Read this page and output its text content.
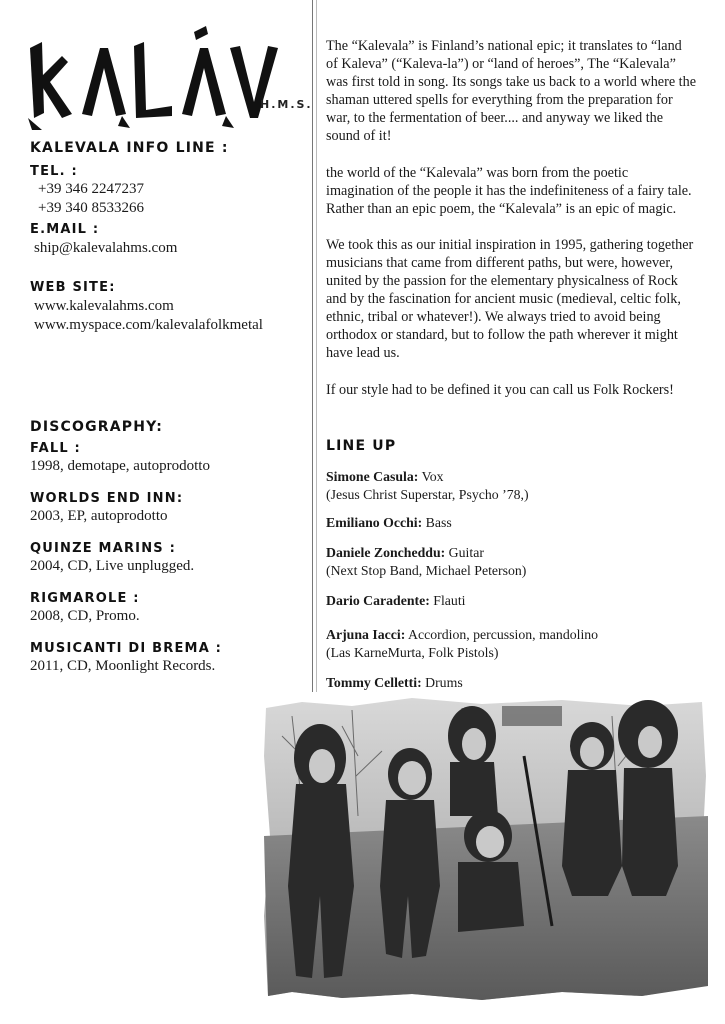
H.M.S.

KALEVALA INFO LINE :

TEL. :

+39 346 2247237

+39 340 8533266

E.MAIL :

ship@kalevalahms.com

WEB SITE:

www.kalevalahms.com

www.myspace.com/kalevalafolkmetal

DISCOGRAPHY:

FALL :

1998, demotape, autoprodotto

WORLDS END INN:

2003, EP, autoprodotto

QUINZE MARINS :

2004, CD, Live unplugged.

RIGMAROLE :

2008, CD, Promo.

MUSICANTI DI BREMA :

2011, CD, Moonlight Records.

The “Kalevala” is Finland’s national epic; it translates to “land of Kaleva” (“Kaleva-la”) or “land of heroes”, The “Kalevala” was first told in song. Its songs take us back to a world where the shaman uttered spells for everything from the preparation for war, to the fermentation of beer.... and anyway we liked the sound of it!

the world of the “Kalevala” was born from the poetic imagination of the people it has the indefiniteness of a fairy tale. Rather than an epic poem, the “Kalevala” is an epic of magic.

We took this as our initial inspiration in 1995, gathering together musicians that came from different paths, but were, however, united by the passion for the elementary physicalness of Rock and by the fascination for ancient music (medieval, celtic folk, ethnic, tribal or whatever!). We always tried to avoid being orthodox or standard, but to follow the path wherever it might have lead us.

If our style had to be defined it you can call us Folk Rockers!

LINE UP

Simone Casula: Vox
(Jesus Christ Superstar, Psycho ’78,)
Emiliano Occhi: Bass
Daniele Zoncheddu: Guitar
(Next Stop Band, Michael Peterson)
Dario Caradente: Flauti
Arjuna Iacci: Accordion, percussion, mandolino
(Las KarneMurta, Folk Pistols)
Tommy Celletti: Drums
